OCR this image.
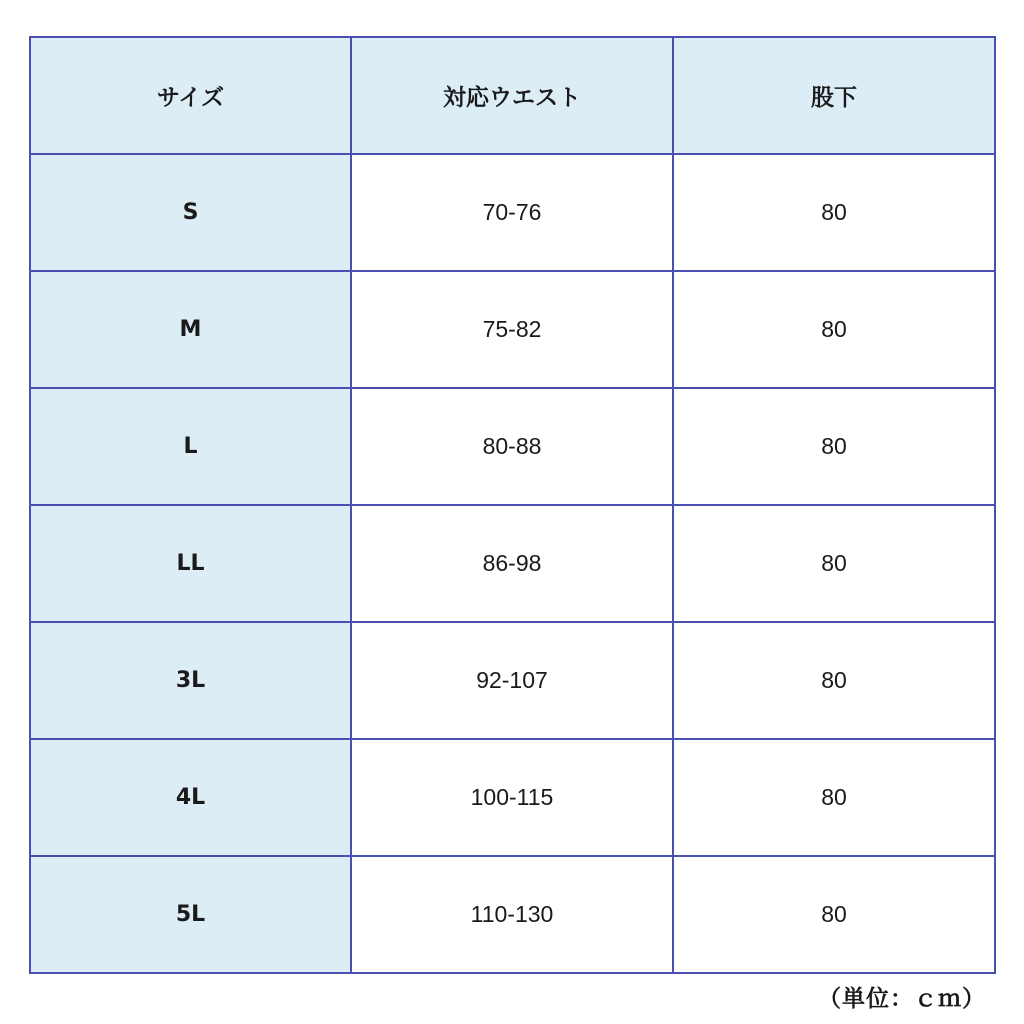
サイズ	対応ウエスト	股下
S	70-76	80
M	75-82	80
L	80-88	80
LL	86-98	80
3L	92-107	80
4L	100-115	80
5L	110-130	80
（単位：ｃｍ）
